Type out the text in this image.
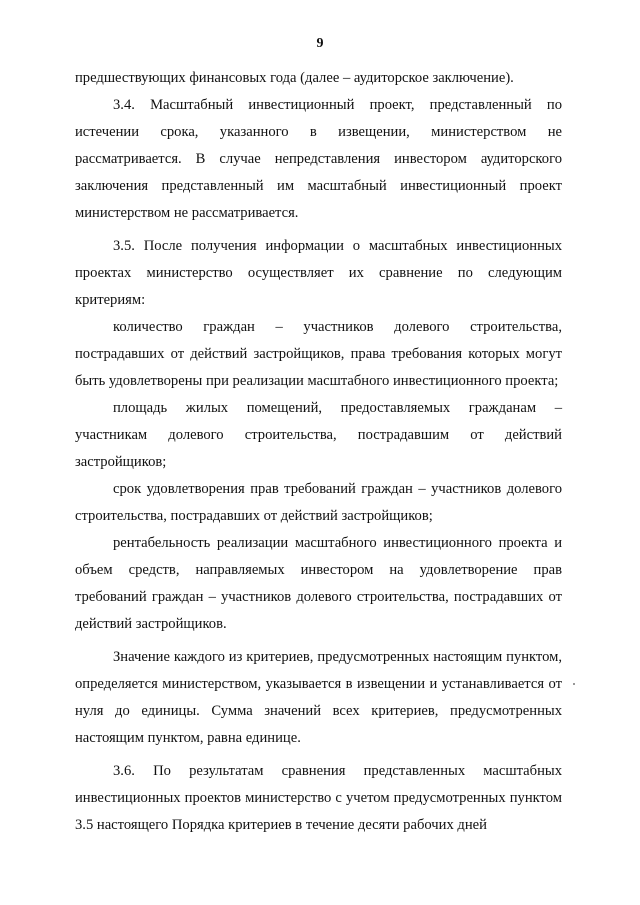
9

предшествующих финансовых года (далее – аудиторское заключение).

3.4. Масштабный инвестиционный проект, представленный по истечении срока, указанного в извещении, министерством не рассматривается. В случае непредставления инвестором аудиторского заключения представленный им масштабный инвестиционный проект министерством не рассматривается.

3.5. После получения информации о масштабных инвестиционных проектах министерство осуществляет их сравнение по следующим критериям:

количество граждан – участников долевого строительства, пострадавших от действий застройщиков, права требования которых могут быть удовлетворены при реализации масштабного инвестиционного проекта;

площадь жилых помещений, предоставляемых гражданам – участникам долевого строительства, пострадавшим от действий застройщиков;

срок удовлетворения прав требований граждан – участников долевого строительства, пострадавших от действий застройщиков;

рентабельность реализации масштабного инвестиционного проекта и объем средств, направляемых инвестором на удовлетворение прав требований граждан – участников долевого строительства, пострадавших от действий застройщиков.

Значение каждого из критериев, предусмотренных настоящим пунктом, определяется министерством, указывается в извещении и устанавливается от нуля до единицы. Сумма значений всех критериев, предусмотренных настоящим пунктом, равна единице.

3.6. По результатам сравнения представленных масштабных инвестиционных проектов министерство с учетом предусмотренных пунктом 3.5 настоящего Порядка критериев в течение десяти рабочих дней
